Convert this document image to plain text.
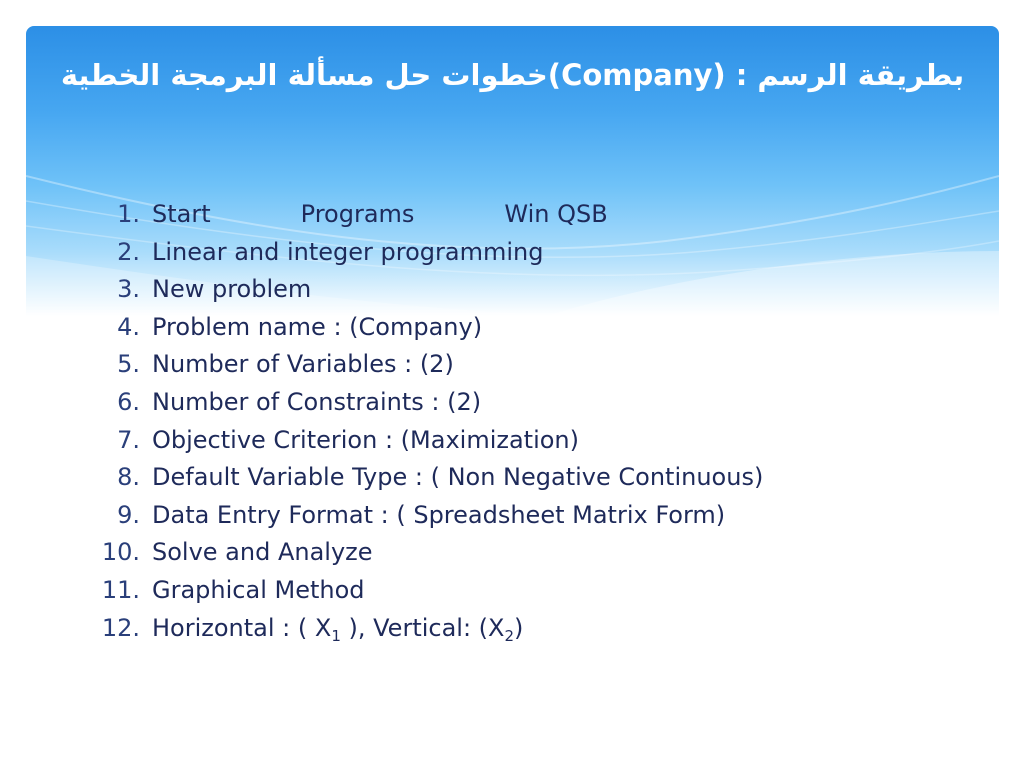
بطريقة الرسم : (Company)خطوات حل مسألة البرمجة الخطية
1. Start	Programs	Win QSB
2. Linear and integer programming
3. New problem
4. Problem name : (Company)
5. Number of Variables : (2)
6. Number of Constraints : (2)
7. Objective Criterion : (Maximization)
8. Default Variable Type : ( Non Negative Continuous)
9. Data Entry Format : ( Spreadsheet Matrix Form)
10. Solve and Analyze
11. Graphical Method
12. Horizontal : ( $X_1$ ), Vertical: $(X_2)$
